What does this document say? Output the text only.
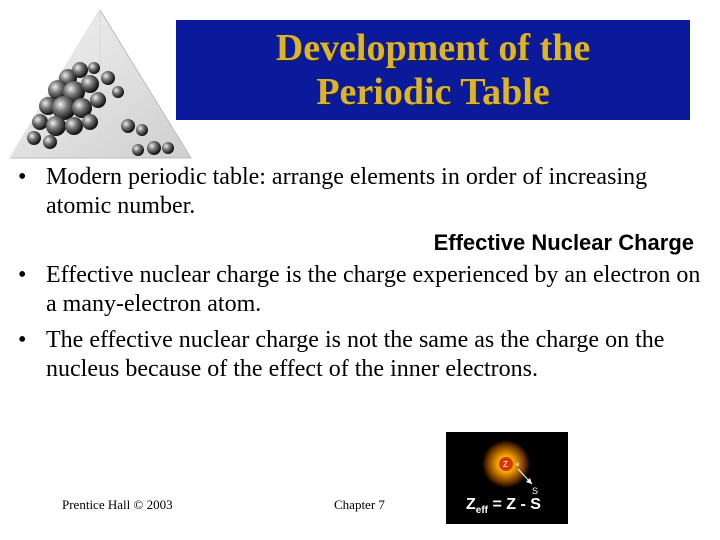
Development of the
Periodic Table
• Modern periodic table: arrange elements in order of increasing atomic number.
Effective Nuclear Charge
• Effective nuclear charge is the charge experienced by an electron on a many-electron atom.
• The effective nuclear charge is not the same as the charge on the nucleus because of the effect of the inner electrons.
Prentice Hall © 2003	Chapter 7
Z e
S
$Z_{eff} = Z - S$
